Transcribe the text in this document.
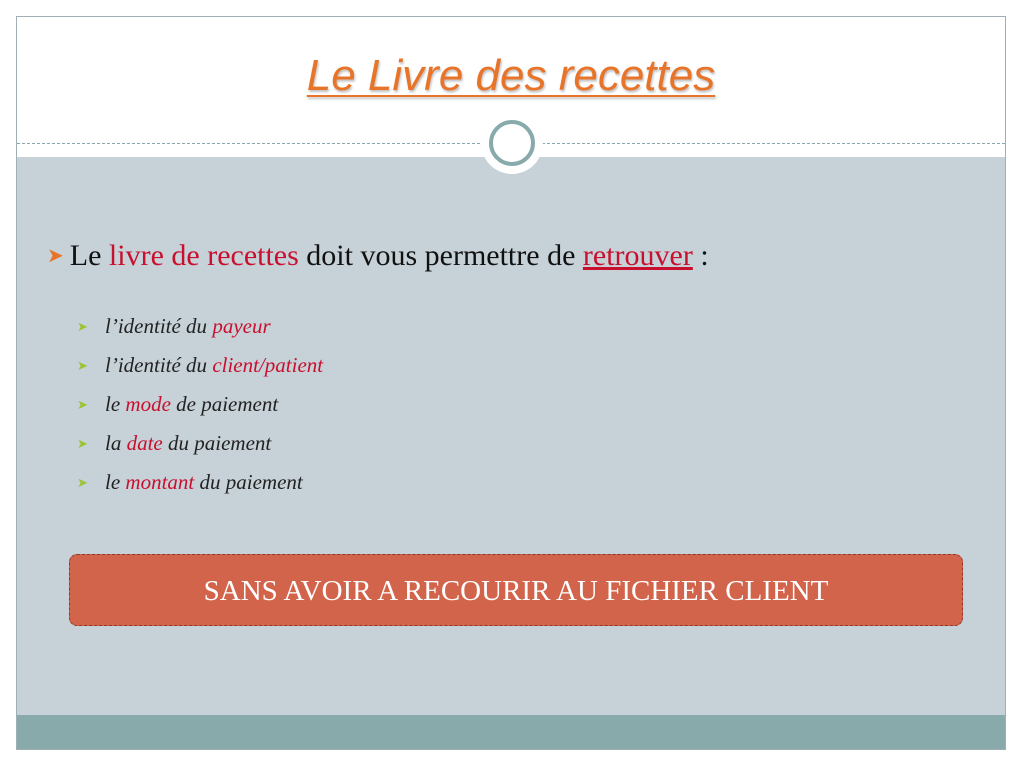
Le Livre des recettes
➤ Le livre de recettes doit vous permettre de retrouver :
➤ l’identité du payeur
➤ l’identité du client/patient
➤ le mode de paiement
➤ la date du paiement
➤ le montant du paiement
SANS AVOIR A RECOURIR AU FICHIER CLIENT
